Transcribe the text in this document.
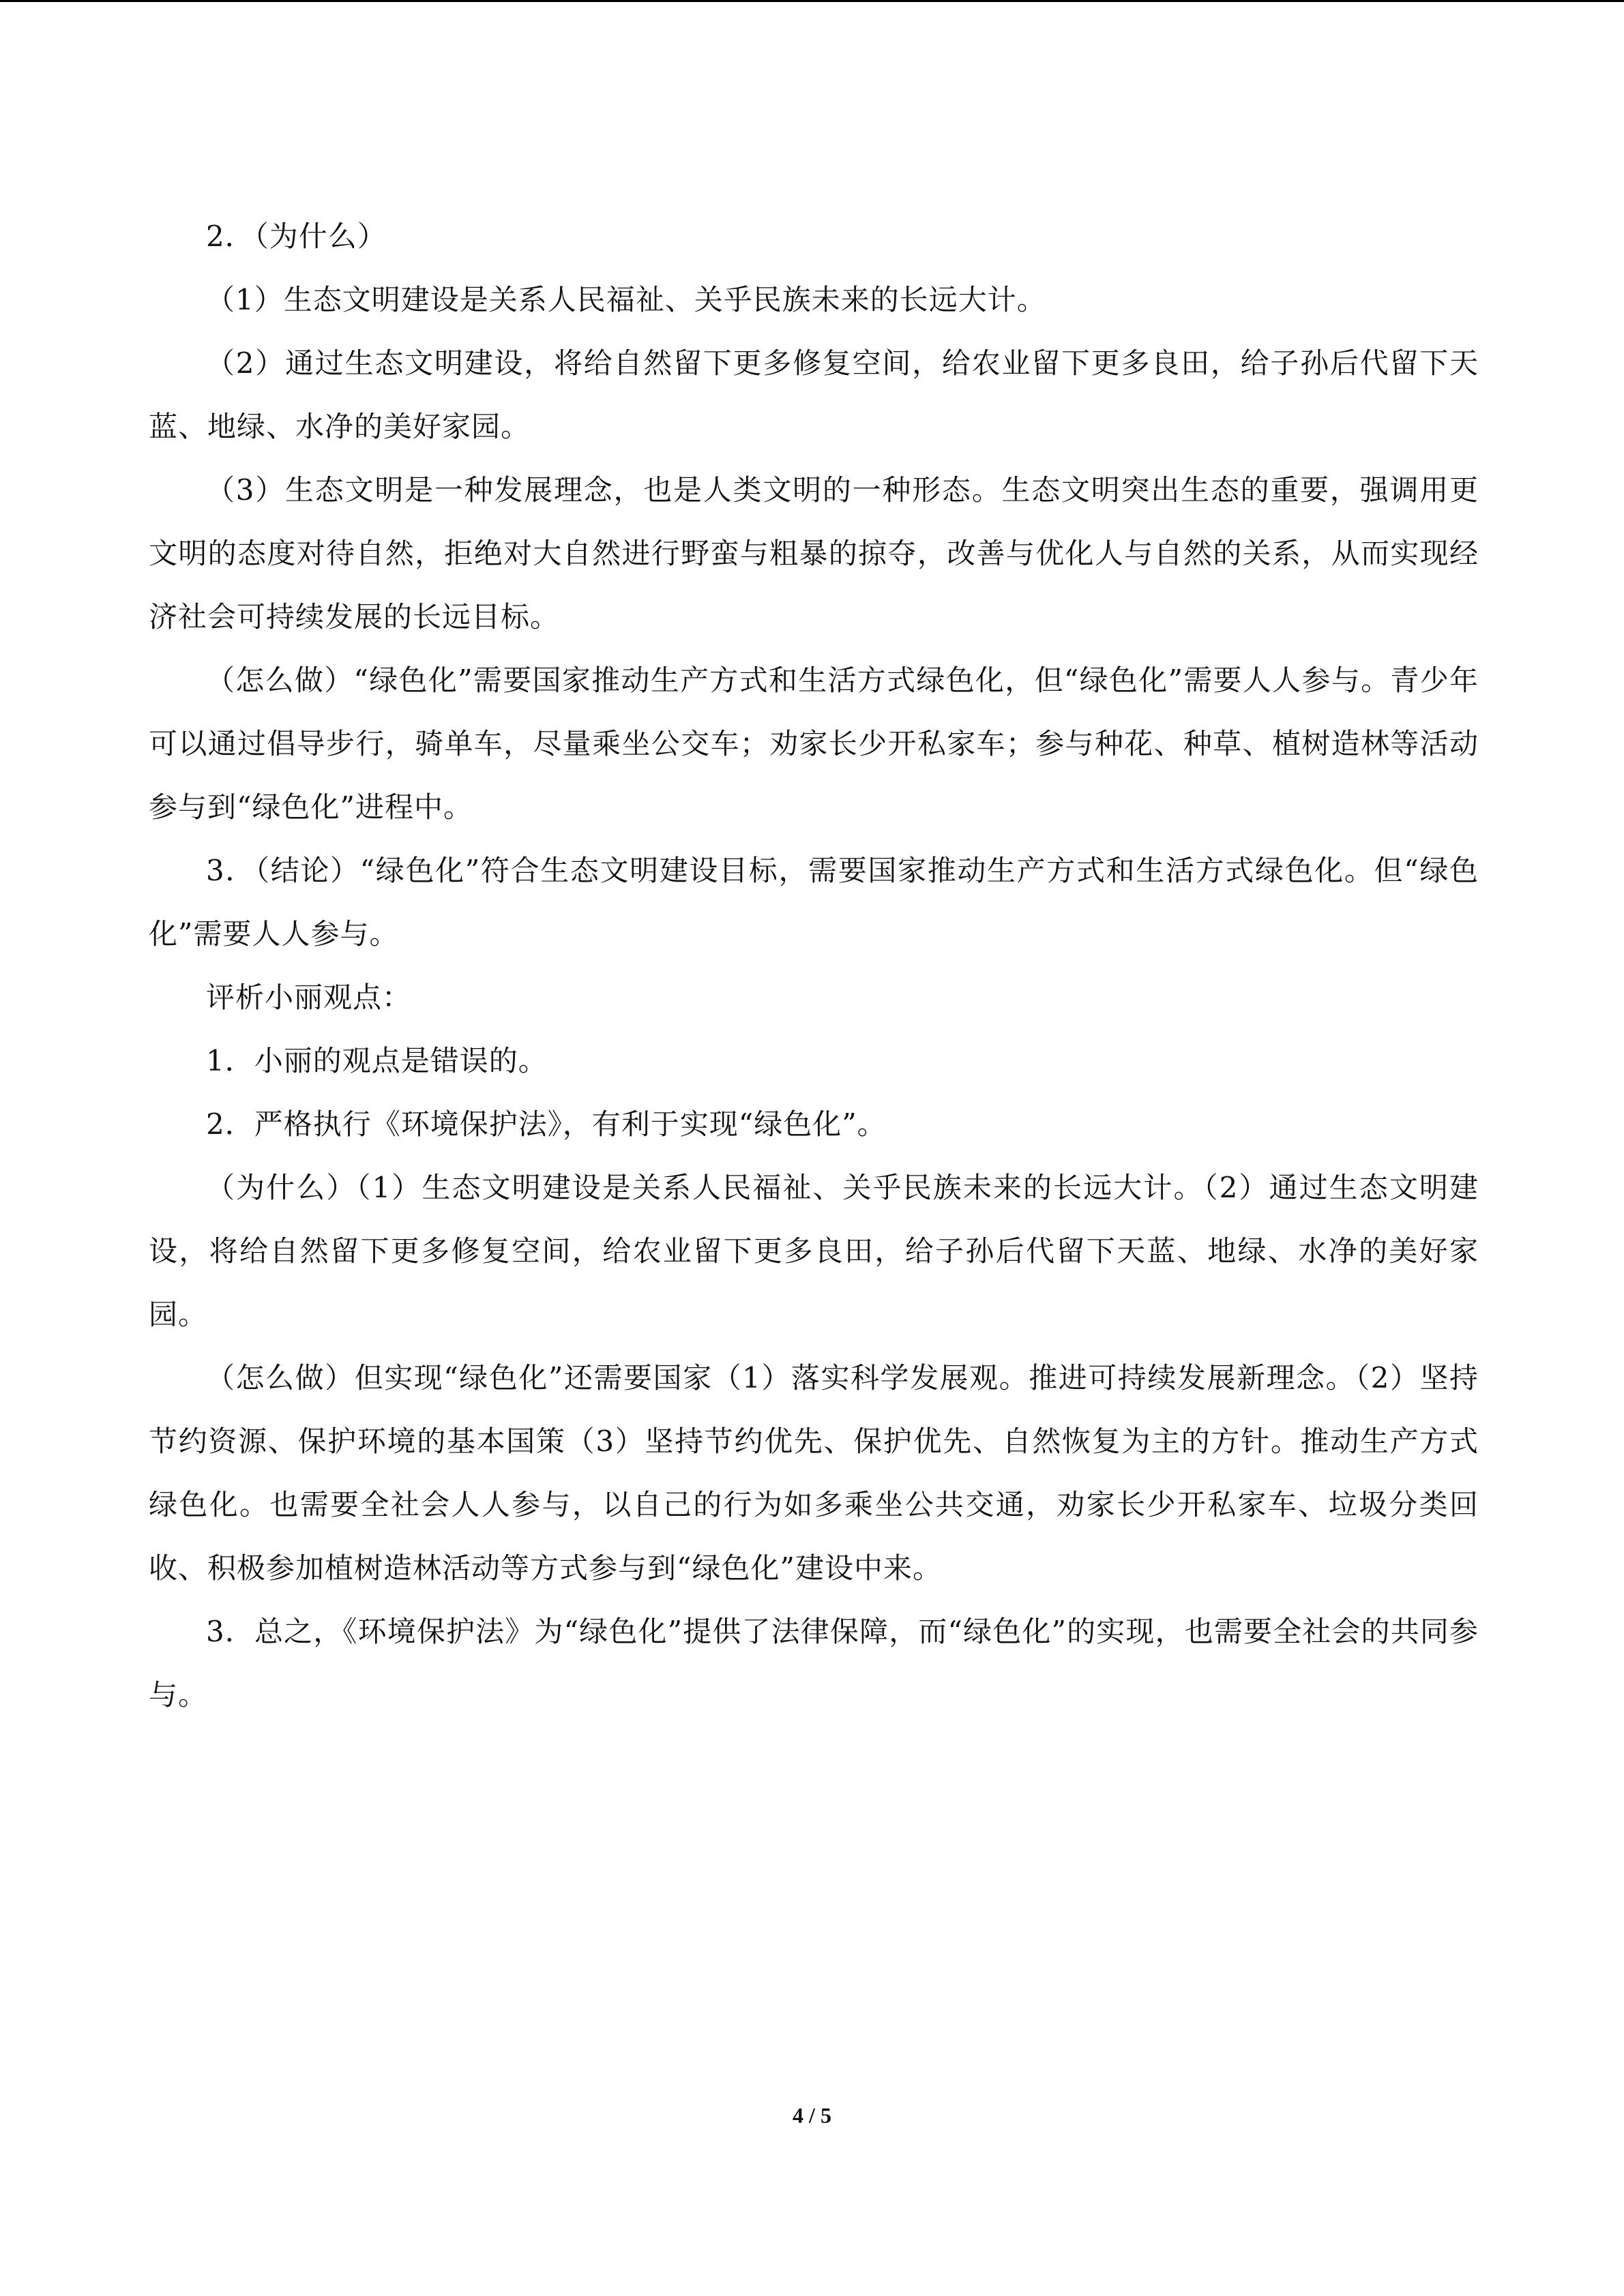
2．（为什么）

（1）生态文明建设是关系人民福祉、关乎民族未来的长远大计。

（2）通过生态文明建设，将给自然留下更多修复空间，给农业留下更多良田，给子孙后代留下天蓝、地绿、水净的美好家园。

（3）生态文明是一种发展理念，也是人类文明的一种形态。生态文明突出生态的重要，强调用更文明的态度对待自然，拒绝对大自然进行野蛮与粗暴的掠夺，改善与优化人与自然的关系，从而实现经济社会可持续发展的长远目标。

（怎么做）“绿色化”需要国家推动生产方式和生活方式绿色化，但“绿色化”需要人人参与。青少年可以通过倡导步行，骑单车，尽量乘坐公交车；劝家长少开私家车；参与种花、种草、植树造林等活动参与到“绿色化”进程中。

3．（结论）“绿色化”符合生态文明建设目标，需要国家推动生产方式和生活方式绿色化。但“绿色化”需要人人参与。

评析小丽观点：

1．小丽的观点是错误的。

2．严格执行《环境保护法》，有利于实现“绿色化”。

（为什么）（1）生态文明建设是关系人民福祉、关乎民族未来的长远大计。（2）通过生态文明建设，将给自然留下更多修复空间，给农业留下更多良田，给子孙后代留下天蓝、地绿、水净的美好家园。

（怎么做）但实现“绿色化”还需要国家（1）落实科学发展观。推进可持续发展新理念。（2）坚持节约资源、保护环境的基本国策（3）坚持节约优先、保护优先、自然恢复为主的方针。推动生产方式绿色化。也需要全社会人人参与，以自己的行为如多乘坐公共交通，劝家长少开私家车、垃圾分类回收、积极参加植树造林活动等方式参与到“绿色化”建设中来。

3．总之，《环境保护法》为“绿色化”提供了法律保障，而“绿色化”的实现，也需要全社会的共同参与。

4 / 5
